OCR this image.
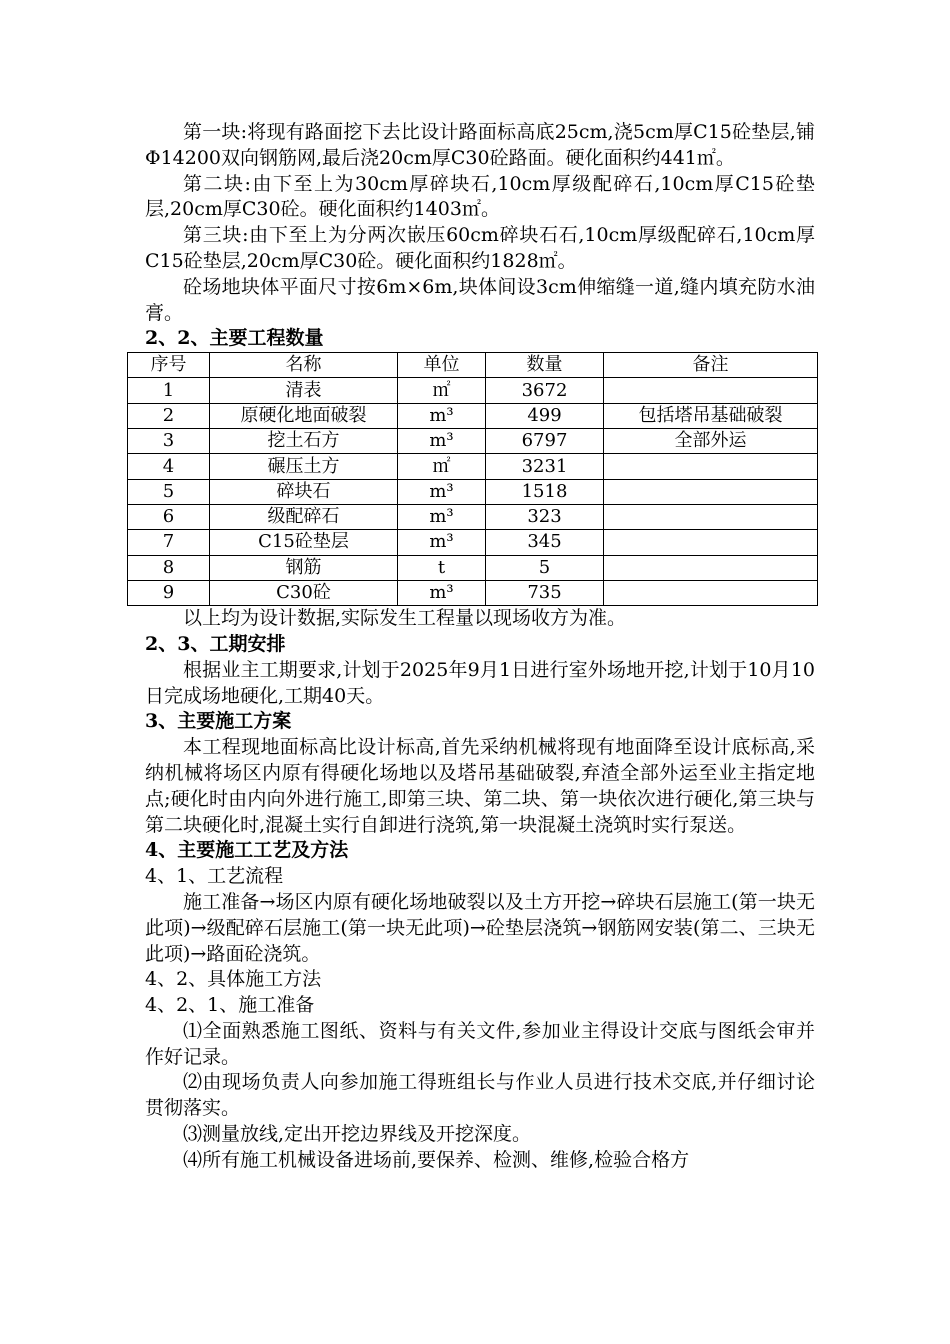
第一块:将现有路面挖下去比设计路面标高底25cm,浇5cm厚C15砼垫层,铺Φ14200双向钢筋网,最后浇20cm厚C30砼路面。硬化面积约441㎡。

第二块:由下至上为30cm厚碎块石,10cm厚级配碎石,10cm厚C15砼垫层,20cm厚C30砼。硬化面积约1403㎡。

第三块:由下至上为分两次嵌压60cm碎块石石,10cm厚级配碎石,10cm厚C15砼垫层,20cm厚C30砼。硬化面积约1828㎡。

砼场地块体平面尺寸按6m×6m,块体间设3cm伸缩缝一道,缝内填充防水油膏。

2、2、主要工程数量

序号	名称	单位	数量	备注
1	清表	㎡	3672	
2	原硬化地面破裂	m³	499	包括塔吊基础破裂
3	挖土石方	m³	6797	全部外运
4	碾压土方	㎡	3231	
5	碎块石	m³	1518	
6	级配碎石	m³	323	
7	C15砼垫层	m³	345	
8	钢筋	t	5	
9	C30砼	m³	735	

以上均为设计数据,实际发生工程量以现场收方为准。

2、3、工期安排

根据业主工期要求,计划于2025年9月1日进行室外场地开挖,计划于10月10日完成场地硬化,工期40天。

3、主要施工方案

本工程现地面标高比设计标高,首先采纳机械将现有地面降至设计底标高,采纳机械将场区内原有得硬化场地以及塔吊基础破裂,弃渣全部外运至业主指定地点;硬化时由内向外进行施工,即第三块、第二块、第一块依次进行硬化,第三块与第二块硬化时,混凝土实行自卸进行浇筑,第一块混凝土浇筑时实行泵送。

4、主要施工工艺及方法

4、1、工艺流程

施工准备→场区内原有硬化场地破裂以及土方开挖→碎块石层施工(第一块无此项)→级配碎石层施工(第一块无此项)→砼垫层浇筑→钢筋网安装(第二、三块无此项)→路面砼浇筑。

4、2、具体施工方法

4、2、1、施工准备

⑴全面熟悉施工图纸、资料与有关文件,参加业主得设计交底与图纸会审并作好记录。

⑵由现场负责人向参加施工得班组长与作业人员进行技术交底,并仔细讨论贯彻落实。

⑶测量放线,定出开挖边界线及开挖深度。

⑷所有施工机械设备进场前,要保养、检测、维修,检验合格方
